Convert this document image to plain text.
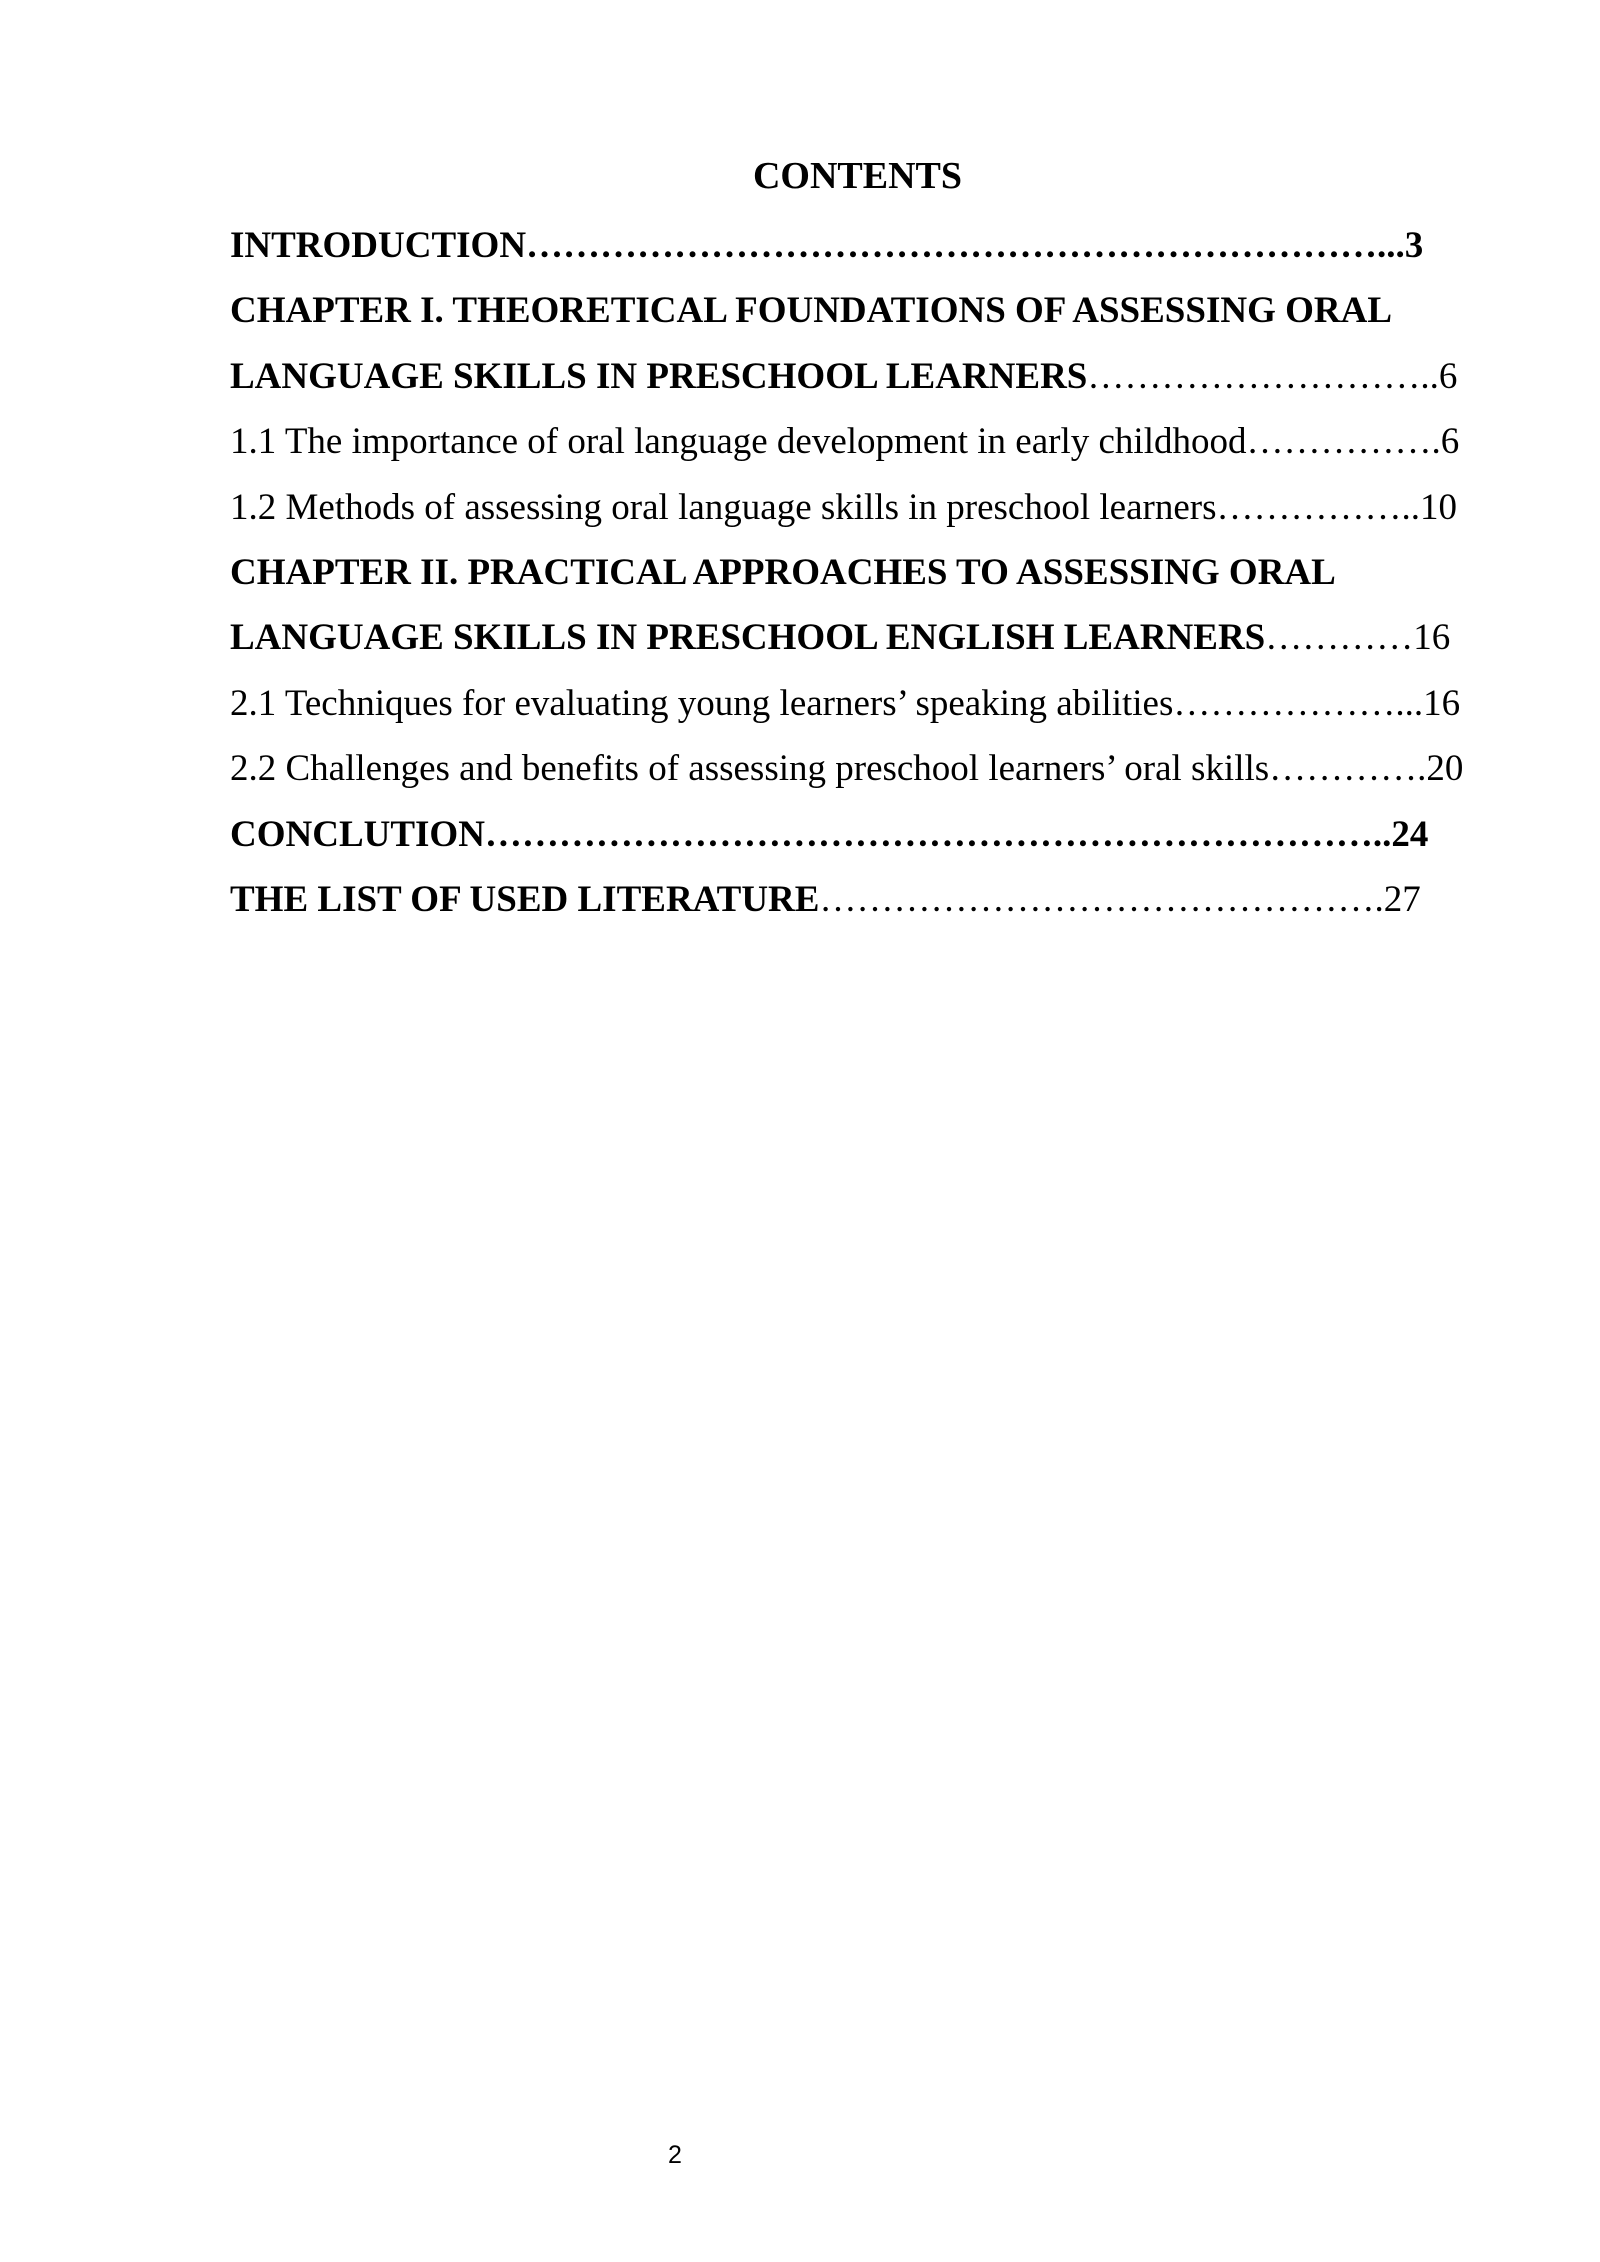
CONTENTS
INTRODUCTION……………………………………………………………...3
CHAPTER I. THEORETICAL FOUNDATIONS OF ASSESSING ORAL
LANGUAGE SKILLS IN PRESCHOOL LEARNERS………………………..6
1.1 The importance of oral language development in early childhood…………….6
1.2 Methods of assessing oral language skills in preschool learners……………..10
CHAPTER II. PRACTICAL APPROACHES TO ASSESSING ORAL
LANGUAGE SKILLS IN PRESCHOOL ENGLISH LEARNERS…………16
2.1 Techniques for evaluating young learners’ speaking abilities………………...16
2.2 Challenges and benefits of assessing preschool learners’ oral skills………….20
CONCLUTION………………………………………………………………..24
THE LIST OF USED LITERATURE……………………………………….27
2
